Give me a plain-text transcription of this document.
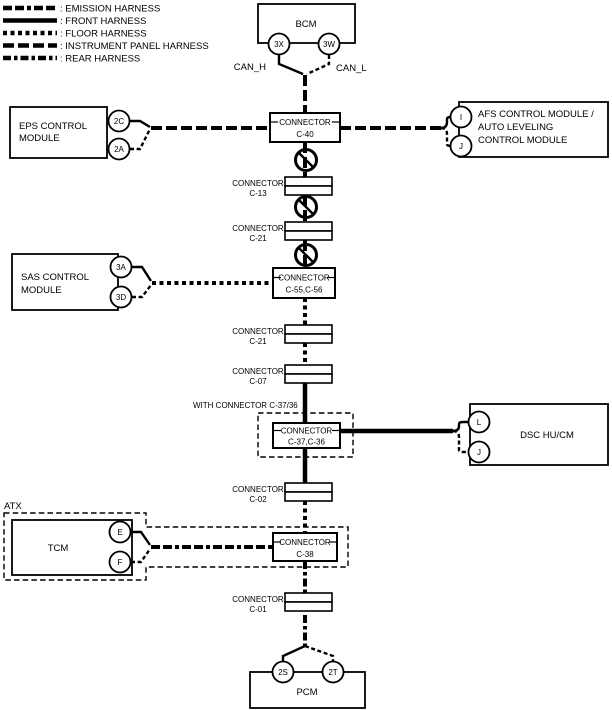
: EMISSION HARNESS
: FRONT HARNESS
: FLOOR HARNESS
: INSTRUMENT PANEL HARNESS
: REAR HARNESS
BCM
3X	3W
CAN_H	CAN_L
EPS CONTROL
MODULE
2C
2A
AFS CONTROL MODULE /
AUTO LEVELING
CONTROL MODULE
I
J
SAS CONTROL
MODULE
3A
3D
DSC HU/CM
L
J
ATX
TCM
E
F
PCM
2S	2T
CONNECTOR
C-40
CONNECTOR
C-13
CONNECTOR
C-21
CONNECTOR
C-55,C-56
CONNECTOR
C-21
CONNECTOR
C-07
WITH CONNECTOR C-37/36
CONNECTOR
C-37,C-36
CONNECTOR
C-02
CONNECTOR
C-38
CONNECTOR
C-01
